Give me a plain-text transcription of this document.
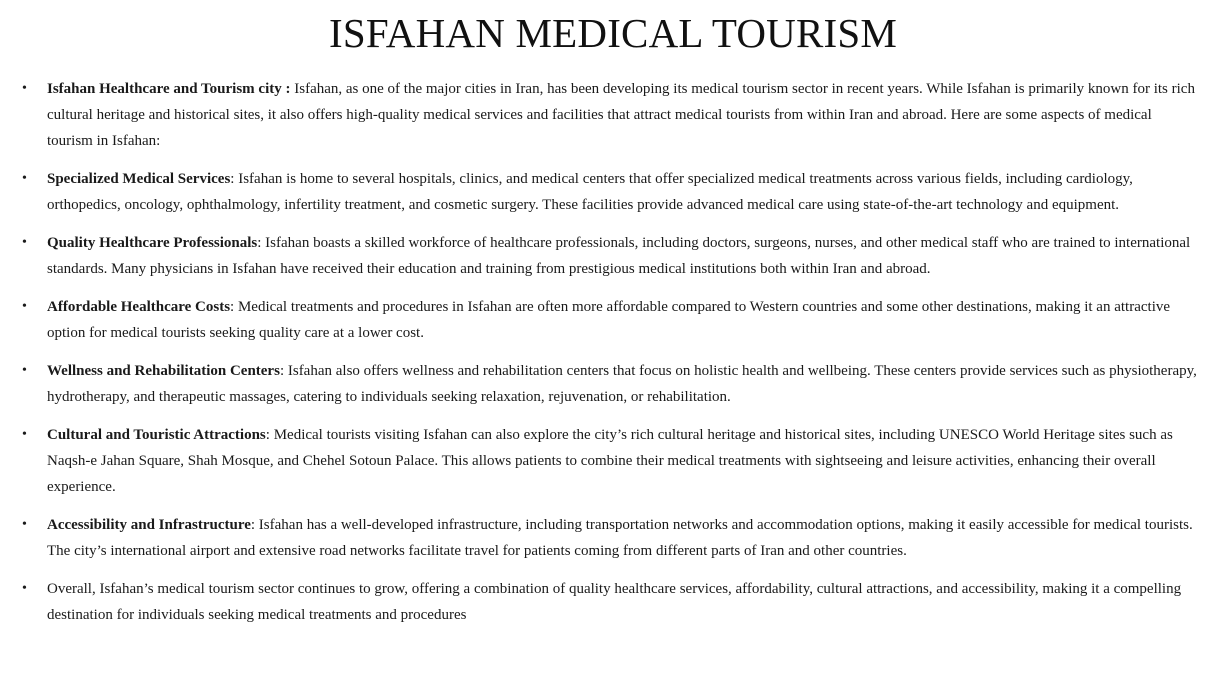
ISFAHAN MEDICAL TOURISM
• Isfahan Healthcare and Tourism city : Isfahan, as one of the major cities in Iran, has been developing its medical tourism sector in recent years. While Isfahan is primarily known for its rich cultural heritage and historical sites, it also offers high-quality medical services and facilities that attract medical tourists from within Iran and abroad. Here are some aspects of medical tourism in Isfahan:
• Specialized Medical Services: Isfahan is home to several hospitals, clinics, and medical centers that offer specialized medical treatments across various fields, including cardiology, orthopedics, oncology, ophthalmology, infertility treatment, and cosmetic surgery. These facilities provide advanced medical care using state-of-the-art technology and equipment.
• Quality Healthcare Professionals: Isfahan boasts a skilled workforce of healthcare professionals, including doctors, surgeons, nurses, and other medical staff who are trained to international standards. Many physicians in Isfahan have received their education and training from prestigious medical institutions both within Iran and abroad.
• Affordable Healthcare Costs: Medical treatments and procedures in Isfahan are often more affordable compared to Western countries and some other destinations, making it an attractive option for medical tourists seeking quality care at a lower cost.
• Wellness and Rehabilitation Centers: Isfahan also offers wellness and rehabilitation centers that focus on holistic health and wellbeing. These centers provide services such as physiotherapy, hydrotherapy, and therapeutic massages, catering to individuals seeking relaxation, rejuvenation, or rehabilitation.
• Cultural and Touristic Attractions: Medical tourists visiting Isfahan can also explore the city’s rich cultural heritage and historical sites, including UNESCO World Heritage sites such as Naqsh-e Jahan Square, Shah Mosque, and Chehel Sotoun Palace. This allows patients to combine their medical treatments with sightseeing and leisure activities, enhancing their overall experience.
• Accessibility and Infrastructure: Isfahan has a well-developed infrastructure, including transportation networks and accommodation options, making it easily accessible for medical tourists. The city’s international airport and extensive road networks facilitate travel for patients coming from different parts of Iran and other countries.
• Overall, Isfahan’s medical tourism sector continues to grow, offering a combination of quality healthcare services, affordability, cultural attractions, and accessibility, making it a compelling destination for individuals seeking medical treatments and procedures
